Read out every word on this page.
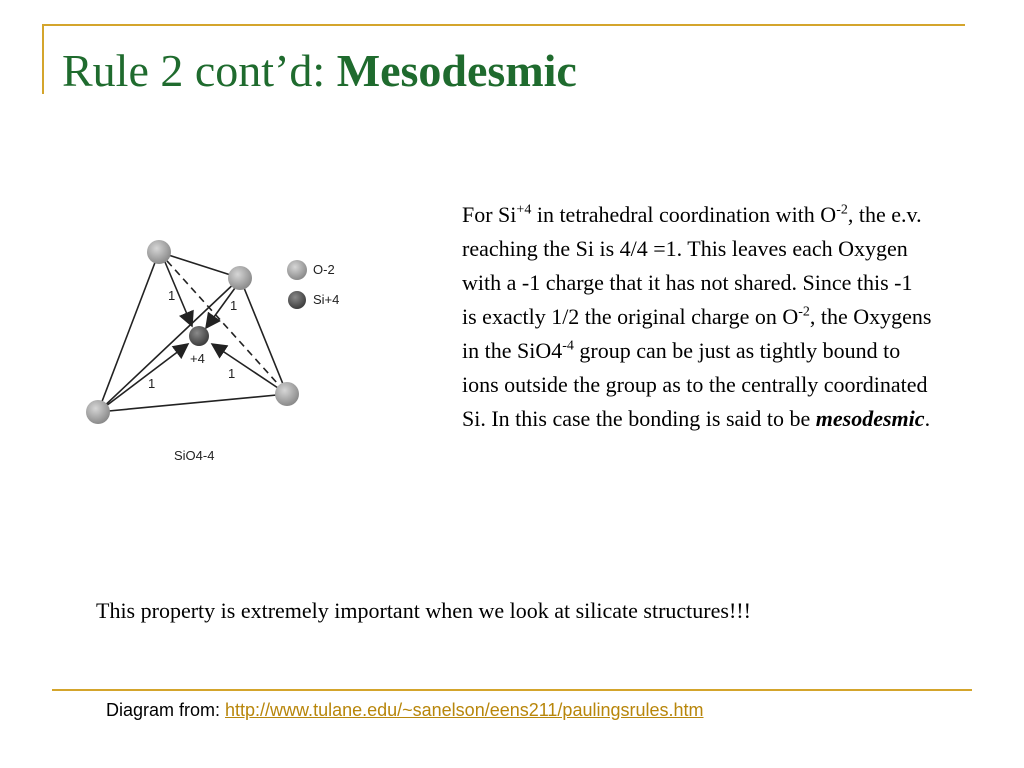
Rule 2 cont’d: Mesodesmic
1
1
1
1
+4
O-2
Si+4
SiO4-4
For $Si^{+4}$ in tetrahedral coordination with $O^{-2}$, the e.v. reaching the Si is 4/4 =1. This leaves each Oxygen with a -1 charge that it has not shared. Since this -1 is exactly 1/2 the original charge on $O^{-2}$, the Oxygens in the $SiO4^{-4}$ group can be just as tightly bound to ions outside the group as to the centrally coordinated Si. In this case the bonding is said to be mesodesmic.
This property is extremely important when we look at silicate structures!!!
Diagram from: http://www.tulane.edu/~sanelson/eens211/paulingsrules.htm
